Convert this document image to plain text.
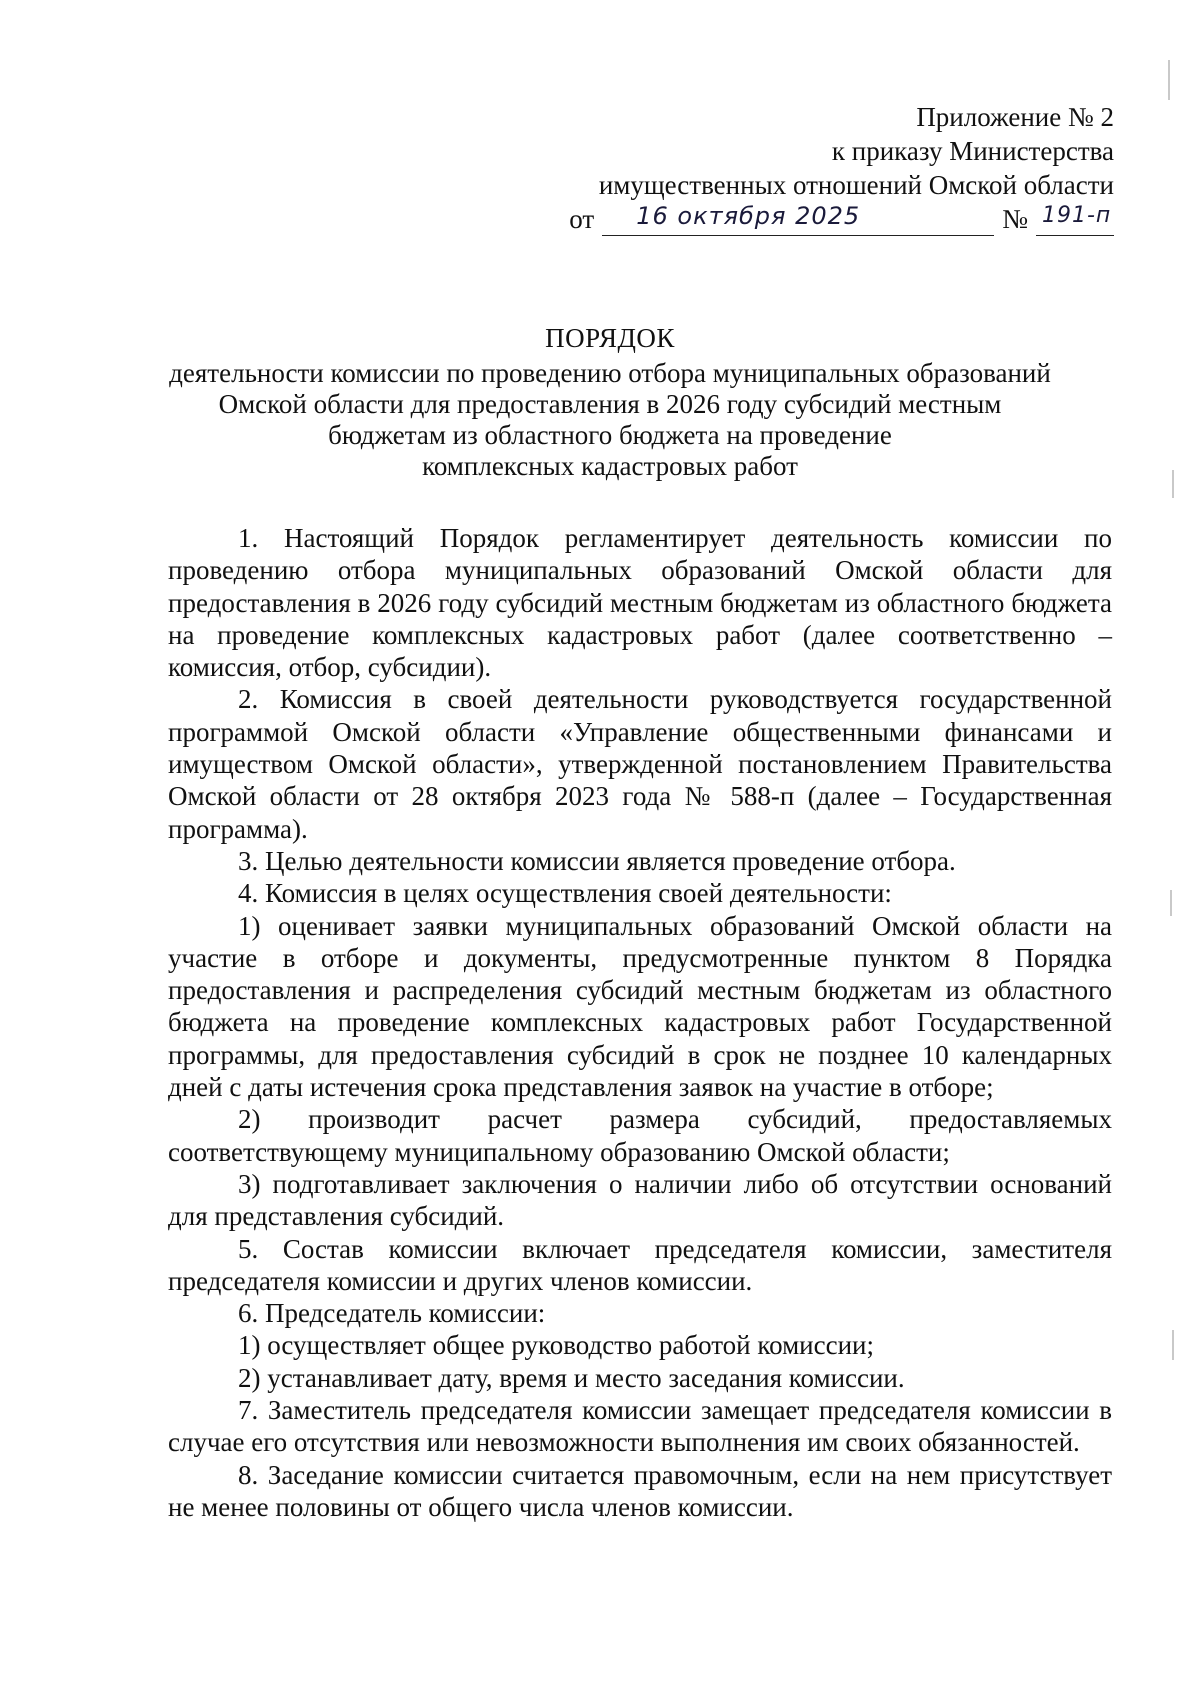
Приложение № 2
к приказу Министерства
имущественных отношений Омской области
от 16 октября 2025	№ 191-п
ПОРЯДОК
деятельности комиссии по проведению отбора муниципальных образований
Омской области для предоставления в 2026 году субсидий местным
бюджетам из областного бюджета на проведение
комплексных кадастровых работ

1. Настоящий Порядок регламентирует деятельность комиссии по проведению отбора муниципальных образований Омской области для предоставления в 2026 году субсидий местным бюджетам из областного бюджета на проведение комплексных кадастровых работ (далее соответственно – комиссия, отбор, субсидии).

2. Комиссия в своей деятельности руководствуется государственной программой Омской области «Управление общественными финансами и имуществом Омской области», утвержденной постановлением Правительства Омской области от 28 октября 2023 года № 588-п (далее – Государственная программа).

3. Целью деятельности комиссии является проведение отбора.

4. Комиссия в целях осуществления своей деятельности:

1) оценивает заявки муниципальных образований Омской области на участие в отборе и документы, предусмотренные пунктом 8 Порядка предоставления и распределения субсидий местным бюджетам из областного бюджета на проведение комплексных кадастровых работ Государственной программы, для предоставления субсидий в срок не позднее 10 календарных дней с даты истечения срока представления заявок на участие в отборе;

2) производит расчет размера субсидий, предоставляемых соответствующему муниципальному образованию Омской области;

3) подготавливает заключения о наличии либо об отсутствии оснований для представления субсидий.

5. Состав комиссии включает председателя комиссии, заместителя председателя комиссии и других членов комиссии.

6. Председатель комиссии:

1) осуществляет общее руководство работой комиссии;

2) устанавливает дату, время и место заседания комиссии.

7. Заместитель председателя комиссии замещает председателя комиссии в случае его отсутствия или невозможности выполнения им своих обязанностей.

8. Заседание комиссии считается правомочным, если на нем присутствует не менее половины от общего числа членов комиссии.
